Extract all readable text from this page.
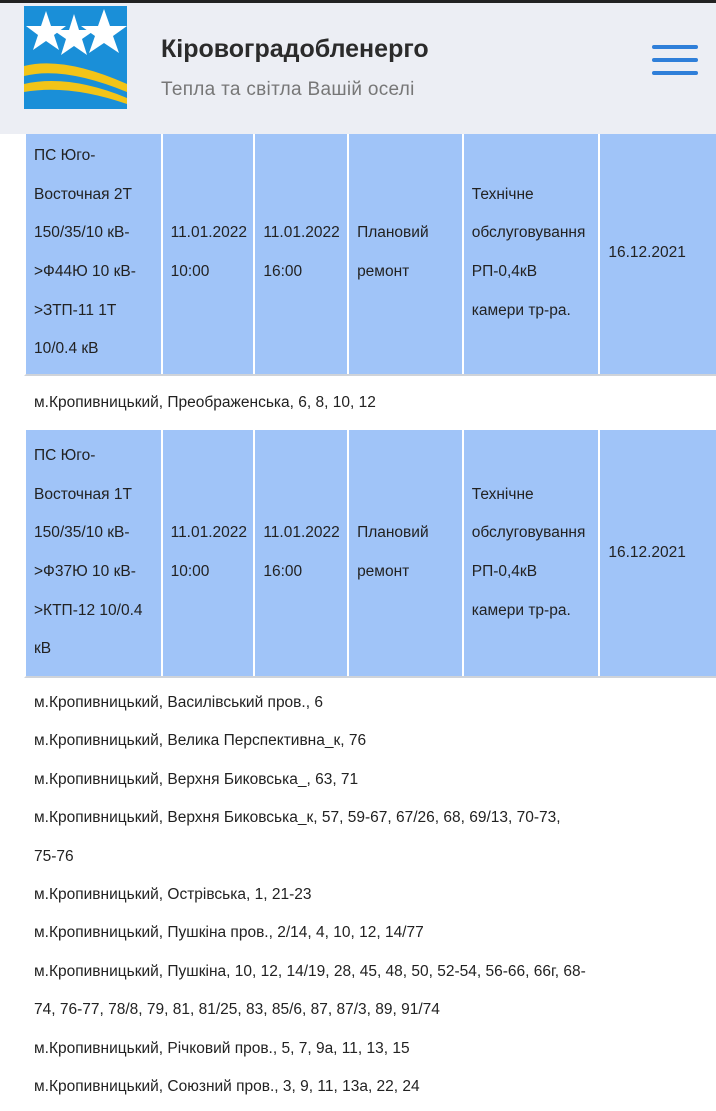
Кіровоградобленерго
Тепла та світла Вашій оселі
ПС Юго-
Восточная 2Т
150/35/10 кВ-
>Ф44Ю 10 кВ-
>ЗТП-11 1Т
10/0.4 кВ
11.01.2022
10:00
11.01.2022
16:00
Плановий
ремонт
Технічне
обслуговування
РП-0,4кВ
камери тр-ра.
16.12.2021
м.Кропивницький, Преображенська, 6, 8, 10, 12
ПС Юго-
Восточная 1Т
150/35/10 кВ-
>Ф37Ю 10 кВ-
>КТП-12 10/0.4
кВ
11.01.2022
10:00
11.01.2022
16:00
Плановий
ремонт
Технічне
обслуговування
РП-0,4кВ
камери тр-ра.
16.12.2021
м.Кропивницький, Василівський пров., 6
м.Кропивницький, Велика Перспективна_к, 76
м.Кропивницький, Верхня Биковська_, 63, 71
м.Кропивницький, Верхня Биковська_к, 57, 59-67, 67/26, 68, 69/13, 70-73,
75-76
м.Кропивницький, Острівська, 1, 21-23
м.Кропивницький, Пушкіна пров., 2/14, 4, 10, 12, 14/77
м.Кропивницький, Пушкіна, 10, 12, 14/19, 28, 45, 48, 50, 52-54, 56-66, 66г, 68-
74, 76-77, 78/8, 79, 81, 81/25, 83, 85/6, 87, 87/3, 89, 91/74
м.Кропивницький, Річковий пров., 5, 7, 9а, 11, 13, 15
м.Кропивницький, Союзний пров., 3, 9, 11, 13а, 22, 24
